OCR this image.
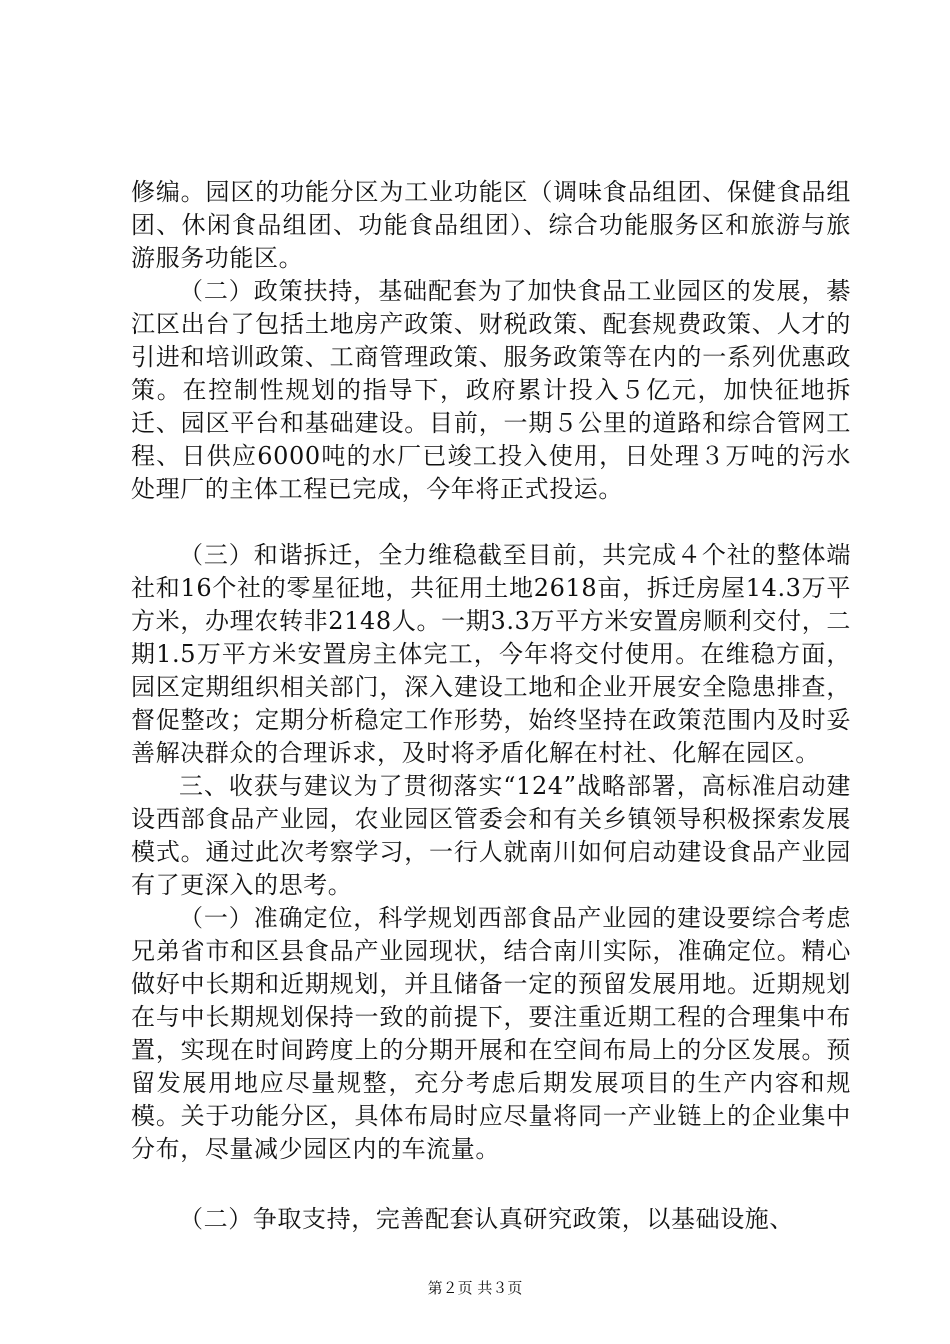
修编。园区的功能分区为工业功能区（调味食品组团、保健食品组团、休闲食品组团、功能食品组团）、综合功能服务区和旅游与旅游服务功能区。

（二）政策扶持，基础配套为了加快食品工业园区的发展，綦江区出台了包括土地房产政策、财税政策、配套规费政策、人才的引进和培训政策、工商管理政策、服务政策等在内的一系列优惠政策。在控制性规划的指导下，政府累计投入５亿元，加快征地拆迁、园区平台和基础建设。目前，一期５公里的道路和综合管网工程、日供应6000吨的水厂已竣工投入使用，日处理３万吨的污水处理厂的主体工程已完成，今年将正式投运。

（三）和谐拆迁，全力维稳截至目前，共完成４个社的整体端社和16个社的零星征地，共征用土地2618亩，拆迁房屋14.3万平方米，办理农转非2148人。一期3.3万平方米安置房顺利交付，二期1.5万平方米安置房主体完工，今年将交付使用。在维稳方面，园区定期组织相关部门，深入建设工地和企业开展安全隐患排查，督促整改；定期分析稳定工作形势，始终坚持在政策范围内及时妥善解决群众的合理诉求，及时将矛盾化解在村社、化解在园区。

三、收获与建议为了贯彻落实“124”战略部署，高标准启动建设西部食品产业园，农业园区管委会和有关乡镇领导积极探索发展模式。通过此次考察学习，一行人就南川如何启动建设食品产业园有了更深入的思考。

（一）准确定位，科学规划西部食品产业园的建设要综合考虑兄弟省市和区县食品产业园现状，结合南川实际，准确定位。精心做好中长期和近期规划，并且储备一定的预留发展用地。近期规划在与中长期规划保持一致的前提下，要注重近期工程的合理集中布置，实现在时间跨度上的分期开展和在空间布局上的分区发展。预留发展用地应尽量规整，充分考虑后期发展项目的生产内容和规模。关于功能分区，具体布局时应尽量将同一产业链上的企业集中分布，尽量减少园区内的车流量。

（二）争取支持，完善配套认真研究政策，以基础设施、

第２页 共３页
